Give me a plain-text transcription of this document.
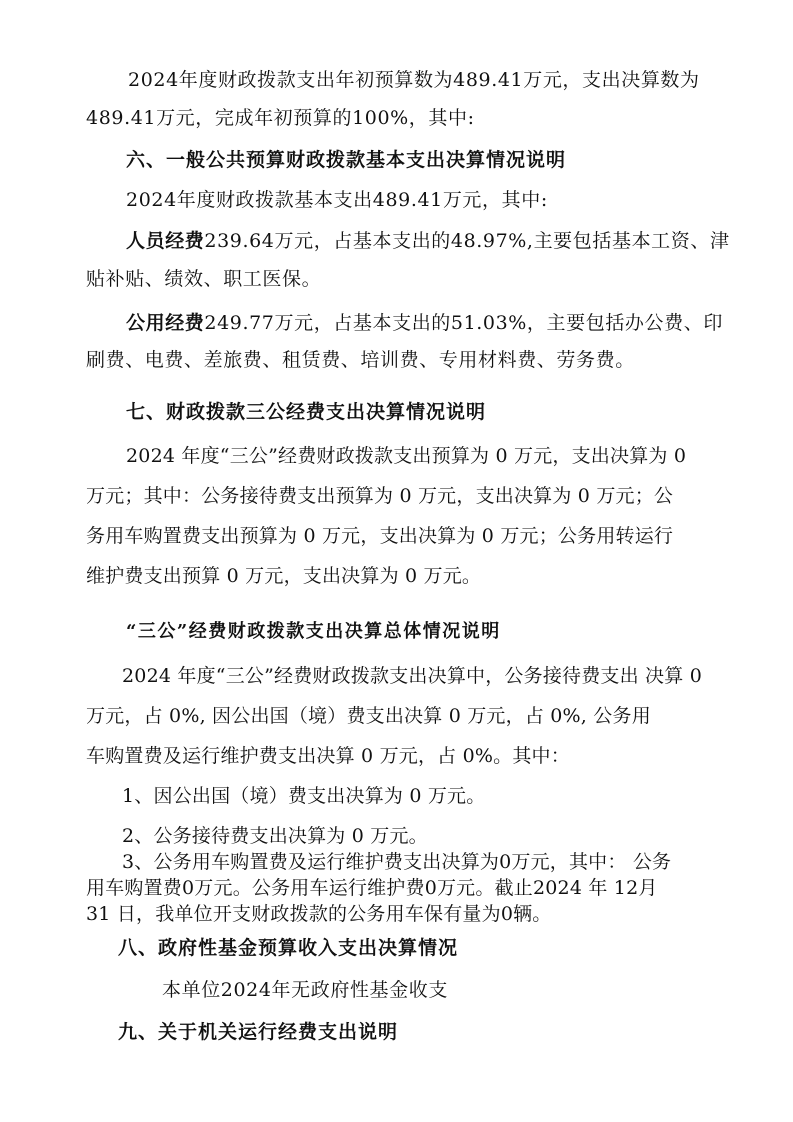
2024年度财政拨款支出年初预算数为489.41万元，支出决算数为
489.41万元，完成年初预算的100%，其中:
六、一般公共预算财政拨款基本支出决算情况说明
2024年度财政拨款基本支出489.41万元，其中:
人员经费239.64万元，占基本支出的48.97%,主要包括基本工资、津
贴补贴、绩效、职工医保。
公用经费249.77万元，占基本支出的51.03%，主要包括办公费、印
刷费、电费、差旅费、租赁费、培训费、专用材料费、劳务费。
七、财政拨款三公经费支出决算情况说明
2024 年度“三公”经费财政拨款支出预算为 0 万元，支出决算为 0
万元；其中：公务接待费支出预算为 0 万元，支出决算为 0 万元；公
务用车购置费支出预算为 0 万元，支出决算为 0 万元；公务用转运行
维护费支出预算 0 万元，支出决算为 0 万元。
“三公”经费财政拨款支出决算总体情况说明
2024 年度“三公”经费财政拨款支出决算中，公务接待费支出 决算 0
万元，占 0%, 因公出国（境）费支出决算 0 万元，占 0%, 公务用
车购置费及运行维护费支出决算 0 万元，占 0%。其中：
1、因公出国（境）费支出决算为 0 万元。
2、公务接待费支出决算为 0 万元。
3、公务用车购置费及运行维护费支出决算为0万元，其中： 公务
用车购置费0万元。公务用车运行维护费0万元。截止2024 年 12月
31 日，我单位开支财政拨款的公务用车保有量为0辆。
八、政府性基金预算收入支出决算情况
本单位2024年无政府性基金收支
九、关于机关运行经费支出说明
